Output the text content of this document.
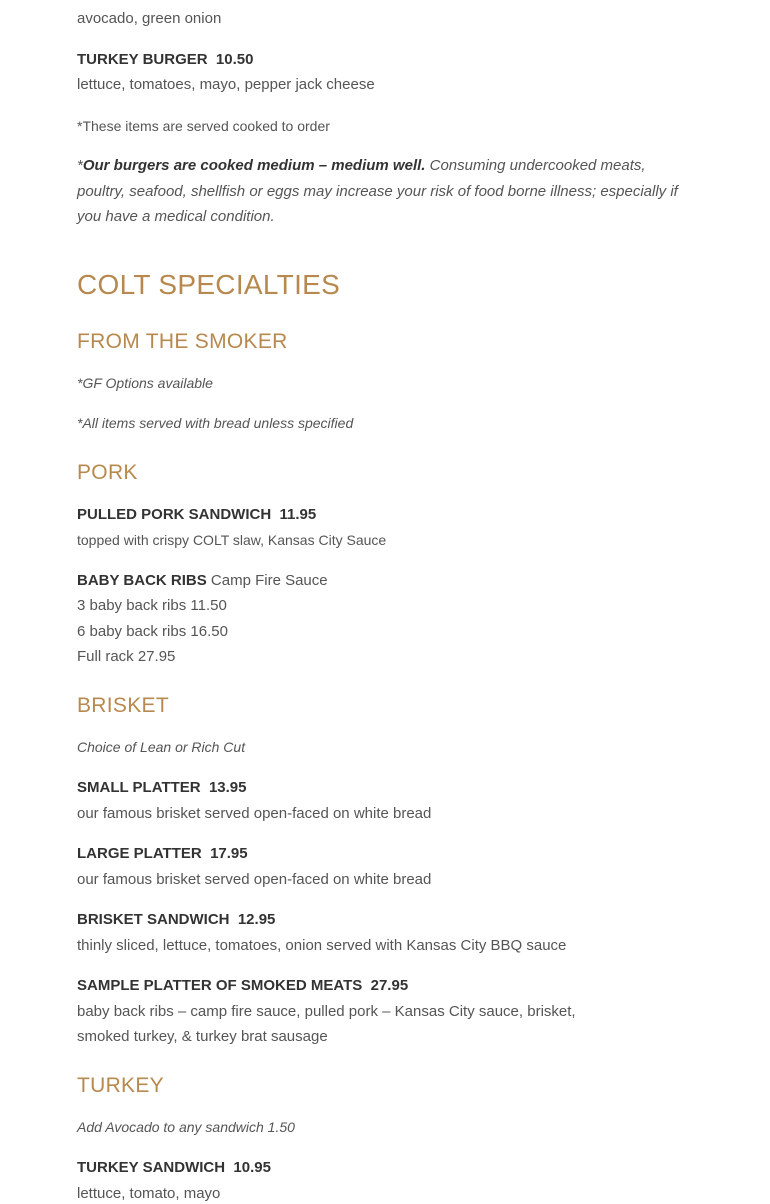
avocado, green onion
TURKEY BURGER 10.50
lettuce, tomatoes, mayo, pepper jack cheese
*These items are served cooked to order
*Our burgers are cooked medium – medium well. Consuming undercooked meats, poultry, seafood, shellfish or eggs may increase your risk of food borne illness; especially if you have a medical condition.
COLT SPECIALTIES
FROM THE SMOKER
*GF Options available
*All items served with bread unless specified
PORK
PULLED PORK SANDWICH 11.95
topped with crispy COLT slaw, Kansas City Sauce
BABY BACK RIBS Camp Fire Sauce
3 baby back ribs 11.50
6 baby back ribs 16.50
Full rack 27.95
BRISKET
Choice of Lean or Rich Cut
SMALL PLATTER 13.95
our famous brisket served open-faced on white bread
LARGE PLATTER 17.95
our famous brisket served open-faced on white bread
BRISKET SANDWICH 12.95
thinly sliced, lettuce, tomatoes, onion served with Kansas City BBQ sauce
SAMPLE PLATTER OF SMOKED MEATS 27.95
baby back ribs – camp fire sauce, pulled pork – Kansas City sauce, brisket,
smoked turkey, & turkey brat sausage
TURKEY
Add Avocado to any sandwich 1.50
TURKEY SANDWICH 10.95
lettuce, tomato, mayo
